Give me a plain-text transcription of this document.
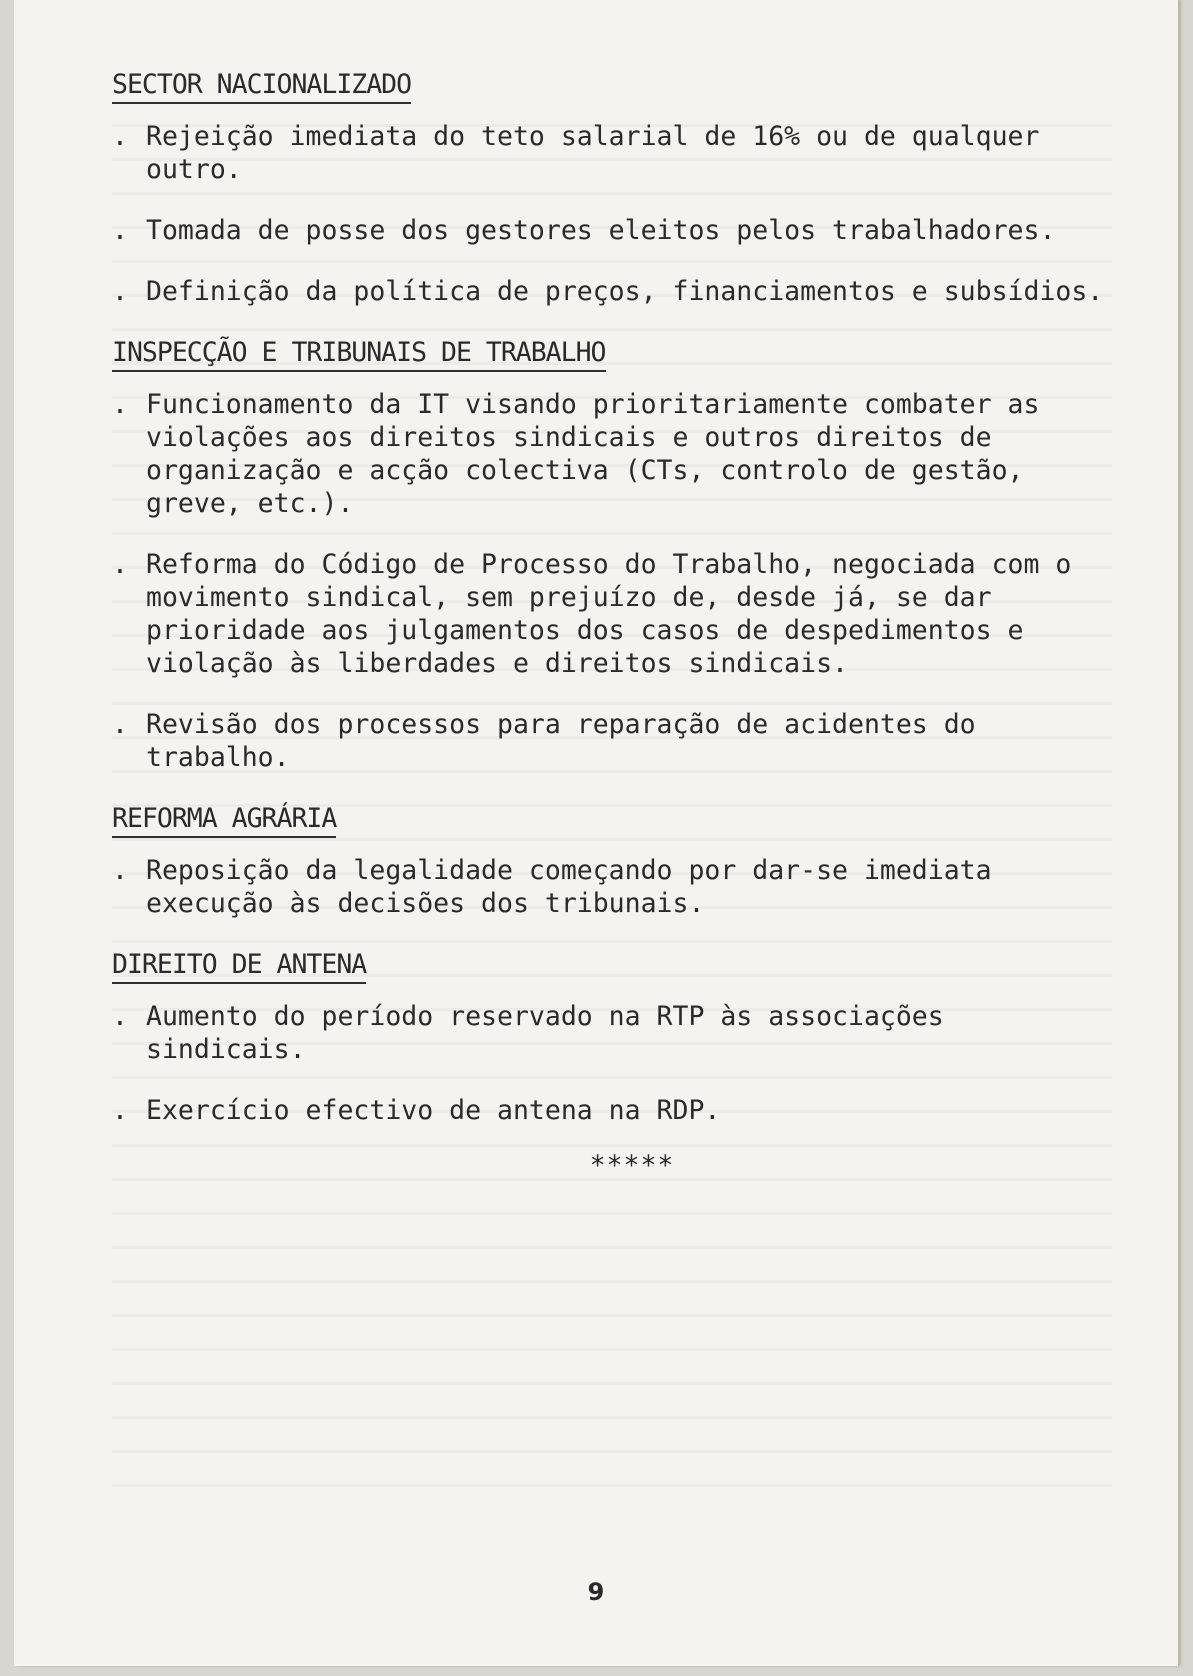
SECTOR NACIONALIZADO
. Rejeição imediata do teto salarial de 16% ou de qualquer outro.
. Tomada de posse dos gestores eleitos pelos trabalhadores.
. Definição da política de preços, financiamentos e subsídios.
INSPECÇÃO E TRIBUNAIS DE TRABALHO
. Funcionamento da IT visando prioritariamente combater as violações aos direitos sindicais e outros direitos de organização e acção colectiva (CTs, controlo de gestão, greve, etc.).
. Reforma do Código de Processo do Trabalho, negociada com o movimento sindical, sem prejuízo de, desde já, se dar prioridade aos julgamentos dos casos de despedimentos e violação às liberdades e direitos sindicais.
. Revisão dos processos para reparação de acidentes do trabalho.
REFORMA AGRÁRIA
. Reposição da legalidade começando por dar-se imediata execução às decisões dos tribunais.
DIREITO DE ANTENA
. Aumento do período reservado na RTP às associações sindicais.
. Exercício efectivo de antena na RDP.
*****
9
